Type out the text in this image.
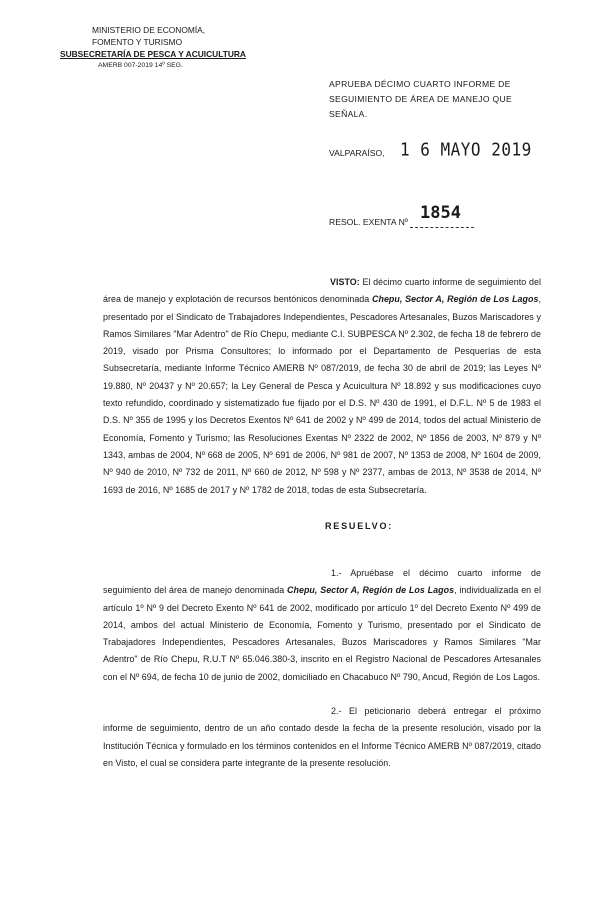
MINISTERIO DE ECONOMÍA,
FOMENTO Y TURISMO
SUBSECRETARÍA DE PESCA Y ACUICULTURA
AMERB 007-2019 14º SEG.
APRUEBA DÉCIMO CUARTO INFORME DE
SEGUIMIENTO DE ÁREA DE MANEJO QUE SEÑALA.
VALPARAÍSO, 1 6 MAYO 2019
RESOL. EXENTA Nº 1854
VISTO: El décimo cuarto informe de seguimiento del área de manejo y explotación de recursos bentónicos denominada Chepu, Sector A, Región de Los Lagos, presentado por el Sindicato de Trabajadores Independientes, Pescadores Artesanales, Buzos Mariscadores y Ramos Similares "Mar Adentro" de Río Chepu, mediante C.I. SUBPESCA Nº 2.302, de fecha 18 de febrero de 2019, visado por Prisma Consultores; lo informado por el Departamento de Pesquerías de esta Subsecretaría, mediante Informe Técnico AMERB Nº 087/2019, de fecha 30 de abril de 2019; las Leyes Nº 19.880, Nº 20437 y Nº 20.657; la Ley General de Pesca y Acuicultura Nº 18.892 y sus modificaciones cuyo texto refundido, coordinado y sistematizado fue fijado por el D.S. Nº 430 de 1991, el D.F.L. Nº 5 de 1983 el D.S. Nº 355 de 1995 y los Decretos Exentos Nº 641 de 2002 y Nº 499 de 2014, todos del actual Ministerio de Economía, Fomento y Turismo; las Resoluciones Exentas Nº 2322 de 2002, Nº 1856 de 2003, Nº 879 y Nº 1343, ambas de 2004, Nº 668 de 2005, Nº 691 de 2006, Nº 981 de 2007, Nº 1353 de 2008, Nº 1604 de 2009, Nº 940 de 2010, Nº 732 de 2011, Nº 660 de 2012, Nº 598 y Nº 2377, ambas de 2013, Nº 3538 de 2014, Nº 1693 de 2016, Nº 1685 de 2017 y Nº 1782 de 2018, todas de esta Subsecretaría.
RESUELVO:
1.- Apruébase el décimo cuarto informe de seguimiento del área de manejo denominada Chepu, Sector A, Región de Los Lagos, individualizada en el artículo 1º Nº 9 del Decreto Exento Nº 641 de 2002, modificado por artículo 1º del Decreto Exento Nº 499 de 2014, ambos del actual Ministerio de Economía, Fomento y Turismo, presentado por el Sindicato de Trabajadores Independientes, Pescadores Artesanales, Buzos Mariscadores y Ramos Similares "Mar Adentro" de Río Chepu, R.U.T Nº 65.046.380-3, inscrito en el Registro Nacional de Pescadores Artesanales con el Nº 694, de fecha 10 de junio de 2002, domiciliado en Chacabuco Nº 790, Ancud, Región de Los Lagos.
2.- El peticionario deberá entregar el próximo informe de seguimiento, dentro de un año contado desde la fecha de la presente resolución, visado por la Institución Técnica y formulado en los términos contenidos en el Informe Técnico AMERB Nº 087/2019, citado en Visto, el cual se considera parte integrante de la presente resolución.
